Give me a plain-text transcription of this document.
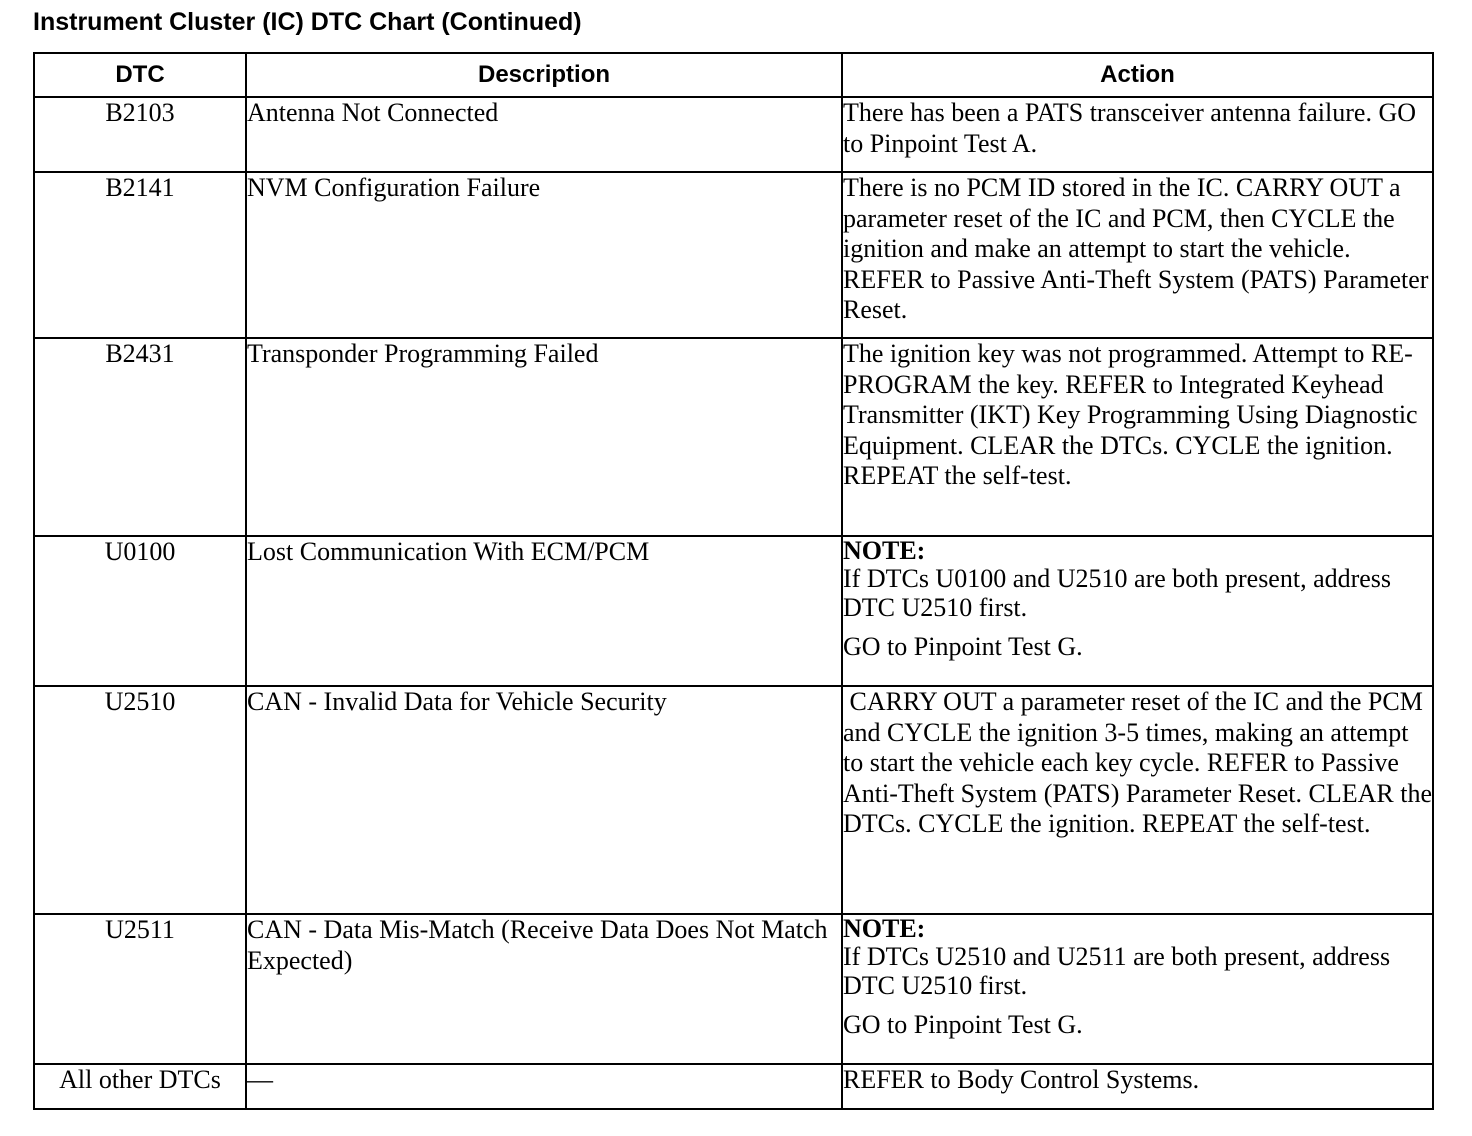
Instrument Cluster (IC) DTC Chart (Continued)
DTC	Description	Action
B2103	Antenna Not Connected	There has been a PATS transceiver antenna failure. GO to Pinpoint Test A.
B2141	NVM Configuration Failure	There is no PCM ID stored in the IC. CARRY OUT a parameter reset of the IC and PCM, then CYCLE the ignition and make an attempt to start the vehicle. REFER to Passive Anti-Theft System (PATS) Parameter Reset.
B2431	Transponder Programming Failed	The ignition key was not programmed. Attempt to RE-PROGRAM the key. REFER to Integrated Keyhead Transmitter (IKT) Key Programming Using Diagnostic Equipment. CLEAR the DTCs. CYCLE the ignition. REPEAT the self-test.
U0100	Lost Communication With ECM/PCM	NOTE:
If DTCs U0100 and U2510 are both present, address DTC U2510 first.
GO to Pinpoint Test G.

U2510	CAN - Invalid Data for Vehicle Security	CARRY OUT a parameter reset of the IC and the PCM and CYCLE the ignition 3-5 times, making an attempt to start the vehicle each key cycle. REFER to Passive Anti-Theft System (PATS) Parameter Reset. CLEAR the DTCs. CYCLE the ignition. REPEAT the self-test.
U2511	CAN - Data Mis-Match (Receive Data Does Not Match Expected)	NOTE:
If DTCs U2510 and U2511 are both present, address DTC U2510 first.
GO to Pinpoint Test G.

All other DTCs	—	REFER to Body Control Systems.
